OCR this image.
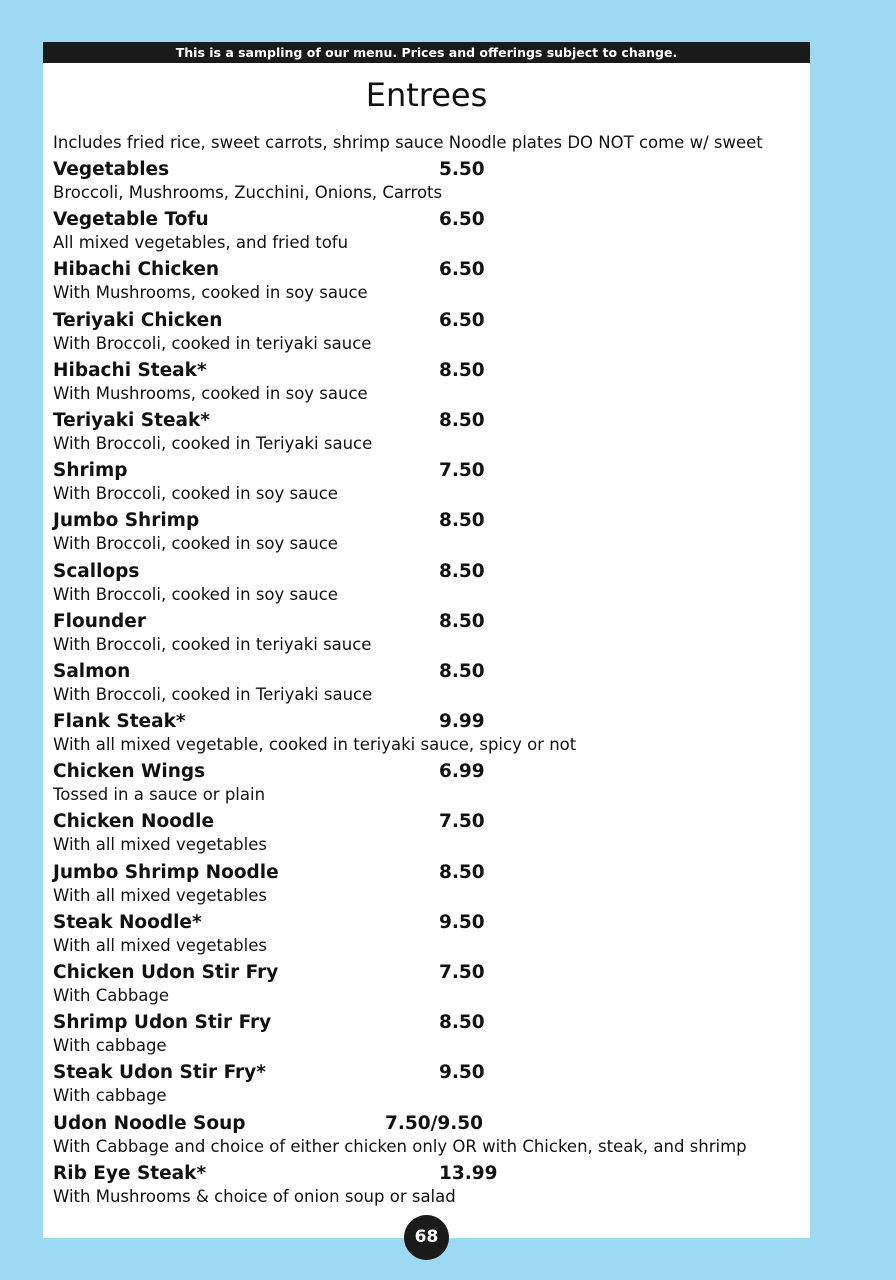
This is a sampling of our menu. Prices and offerings subject to change.
Entrees
Includes fried rice, sweet carrots, shrimp sauce Noodle plates DO NOT come w/ sweet
Vegetables	5.50
Broccoli, Mushrooms, Zucchini, Onions, Carrots
Vegetable Tofu	6.50
All mixed vegetables, and fried tofu
Hibachi Chicken	6.50
With Mushrooms, cooked in soy sauce
Teriyaki Chicken	6.50
With Broccoli, cooked in teriyaki sauce
Hibachi Steak*	8.50
With Mushrooms, cooked in soy sauce
Teriyaki Steak*	8.50
With Broccoli, cooked in Teriyaki sauce
Shrimp	7.50
With Broccoli, cooked in soy sauce
Jumbo Shrimp	8.50
With Broccoli, cooked in soy sauce
Scallops	8.50
With Broccoli, cooked in soy sauce
Flounder	8.50
With Broccoli, cooked in teriyaki sauce
Salmon	8.50
With Broccoli, cooked in Teriyaki sauce
Flank Steak*	9.99
With all mixed vegetable, cooked in teriyaki sauce, spicy or not
Chicken Wings	6.99
Tossed in a sauce or plain
Chicken Noodle	7.50
With all mixed vegetables
Jumbo Shrimp Noodle	8.50
With all mixed vegetables
Steak Noodle*	9.50
With all mixed vegetables
Chicken Udon Stir Fry	7.50
With Cabbage
Shrimp Udon Stir Fry	8.50
With cabbage
Steak Udon Stir Fry*	9.50
With cabbage
Udon Noodle Soup	7.50/9.50
With Cabbage and choice of either chicken only OR with Chicken, steak, and shrimp
Rib Eye Steak*	13.99
With Mushrooms & choice of onion soup or salad
68
